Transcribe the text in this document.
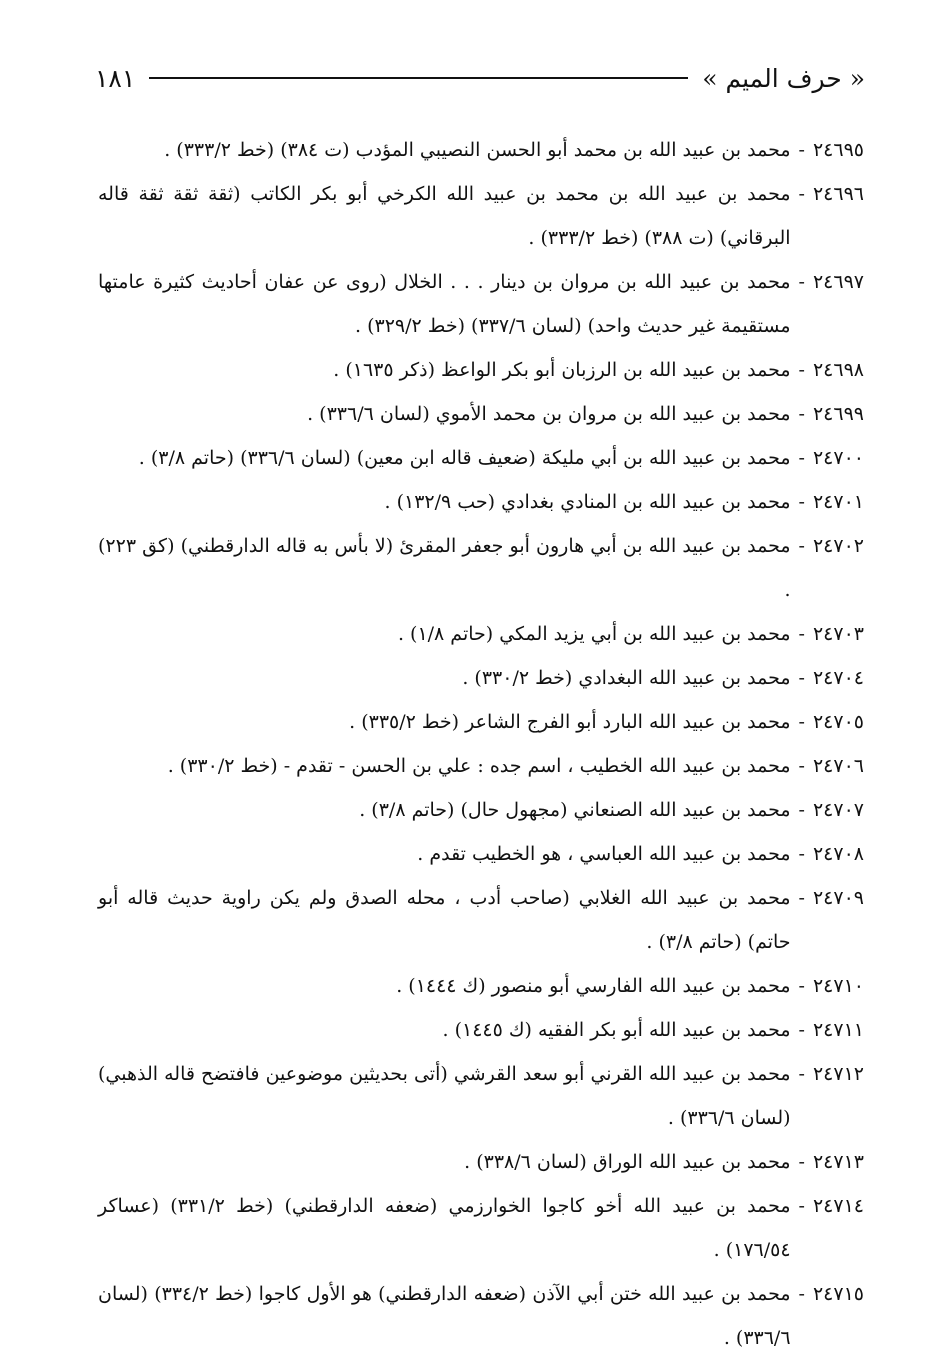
« حرف الميم »
١٨١
٢٤٦٩٥
-
محمد بن عبيد الله بن محمد أبو الحسن النصيبي المؤدب (ت ٣٨٤) (خط ٣٣٣/٢) .
٢٤٦٩٦
-
محمد بن عبيد الله بن محمد بن عبيد الله الكرخي أبو بكر الكاتب (ثقة ثقة ثقة قاله البرقاني) (ت ٣٨٨) (خط ٣٣٣/٢) .
٢٤٦٩٧
-
محمد بن عبيد الله بن مروان بن دينار . . . الخلال (روى عن عفان أحاديث كثيرة عامتها مستقيمة غير حديث واحد) (لسان ٣٣٧/٦) (خط ٣٢٩/٢) .
٢٤٦٩٨
-
محمد بن عبيد الله بن الرزبان أبو بكر الواعظ (ذكر ١٦٣٥) .
٢٤٦٩٩
-
محمد بن عبيد الله بن مروان بن محمد الأموي (لسان ٣٣٦/٦) .
٢٤٧٠٠
-
محمد بن عبيد الله بن أبي مليكة (ضعيف قاله ابن معين) (لسان ٣٣٦/٦) (حاتم ٣/٨) .
٢٤٧٠١
-
محمد بن عبيد الله بن المنادي بغدادي (حب ١٣٢/٩) .
٢٤٧٠٢
-
محمد بن عبيد الله بن أبي هارون أبو جعفر المقرئ (لا بأس به قاله الدارقطني) (كق ٢٢٣) .
٢٤٧٠٣
-
محمد بن عبيد الله بن أبي يزيد المكي (حاتم ١/٨) .
٢٤٧٠٤
-
محمد بن عبيد الله البغدادي (خط ٣٣٠/٢) .
٢٤٧٠٥
-
محمد بن عبيد الله البارد أبو الفرج الشاعر (خط ٣٣٥/٢) .
٢٤٧٠٦
-
محمد بن عبيد الله الخطيب ، اسم جده : علي بن الحسن - تقدم - (خط ٣٣٠/٢) .
٢٤٧٠٧
-
محمد بن عبيد الله الصنعاني (مجهول حال) (حاتم ٣/٨) .
٢٤٧٠٨
-
محمد بن عبيد الله العباسي ، هو الخطيب تقدم .
٢٤٧٠٩
-
محمد بن عبيد الله الغلابي (صاحب أدب ، محله الصدق ولم يكن راوية حديث قاله أبو حاتم) (حاتم ٣/٨) .
٢٤٧١٠
-
محمد بن عبيد الله الفارسي أبو منصور (ك ١٤٤٤) .
٢٤٧١١
-
محمد بن عبيد الله أبو بكر الفقيه (ك ١٤٤٥) .
٢٤٧١٢
-
محمد بن عبيد الله القرني أبو سعد القرشي (أتى بحديثين موضوعين فافتضح قاله الذهبي) (لسان ٣٣٦/٦) .
٢٤٧١٣
-
محمد بن عبيد الله الوراق (لسان ٣٣٨/٦) .
٢٤٧١٤
-
محمد بن عبيد الله أخو كاجوا الخوارزمي (ضعفه الدارقطني) (خط ٣٣١/٢) (عساكر ١٧٦/٥٤) .
٢٤٧١٥
-
محمد بن عبيد الله ختن أبي الآذن (ضعفه الدارقطني) هو الأول كاجوا (خط ٣٣٤/٢) (لسان ٣٣٦/٦) .
